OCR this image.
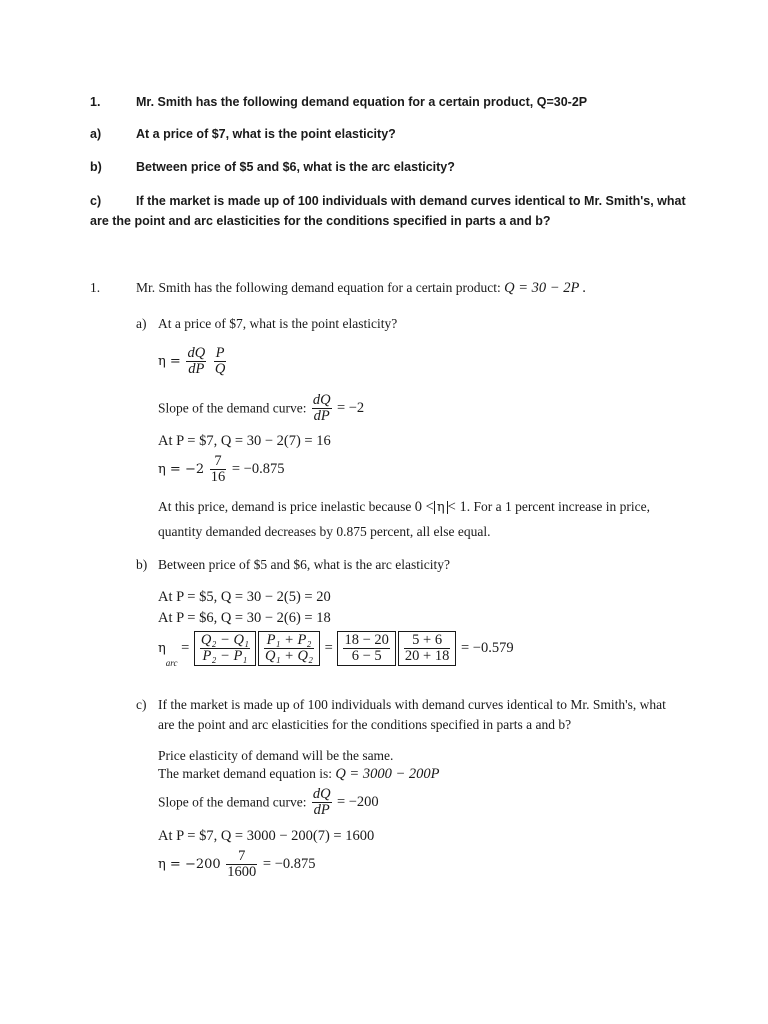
1.	Mr. Smith has the following demand equation for a certain product, Q=30-2P
a)	At a price of $7, what is the point elasticity?
b)	Between price of $5 and $6, what is the arc elasticity?
c)	If the market is made up of 100 individuals with demand curves identical to Mr. Smith's, what
are the point and arc elasticities for the conditions specified in parts a and b?
1.	Mr. Smith has the following demand equation for a certain product: Q = 30 − 2P .
a) At a price of $7, what is the point elasticity?
$\eta = \frac{dQ}{dP}$
$\frac{P}{Q}$
Slope of the demand curve: $\frac{dQ}{dP} = -2$
At P = $7, Q = 30 − 2(7) = 16
$\eta = -2 \frac{7}{16} = -0.875$
At this price, demand is price inelastic because 0 < η < 1. For a 1 percent increase in price,
quantity demanded decreases by 0.875 percent, all else equal.
b) Between price of $5 and $6, what is the arc elasticity?
At P = $5, Q = 30 − 2(5) = 20
At P = $6, Q = 30 − 2(6) = 18
$\eta_{arc} = \frac{\text{Q₂ − Q₁}}{\text{P₂ − P₁}} \frac{\text{P₁ + P₂}}{\text{Q₁ + Q₂}} = \frac{18 - 20}{6 - 5} \frac{5 + 6}{20 + 18} = -0.579$
c) If the market is made up of 100 individuals with demand curves identical to Mr. Smith's, what
are the point and arc elasticities for the conditions specified in parts a and b?
Price elasticity of demand will be the same.
The market demand equation is: Q = 3000 − 200P
Slope of the demand curve: $\frac{dQ}{dP} = -200$
At P = $7, Q = 3000 − 200(7) = 1600
$\eta = -200 \frac{7}{1600} = -0.875$
